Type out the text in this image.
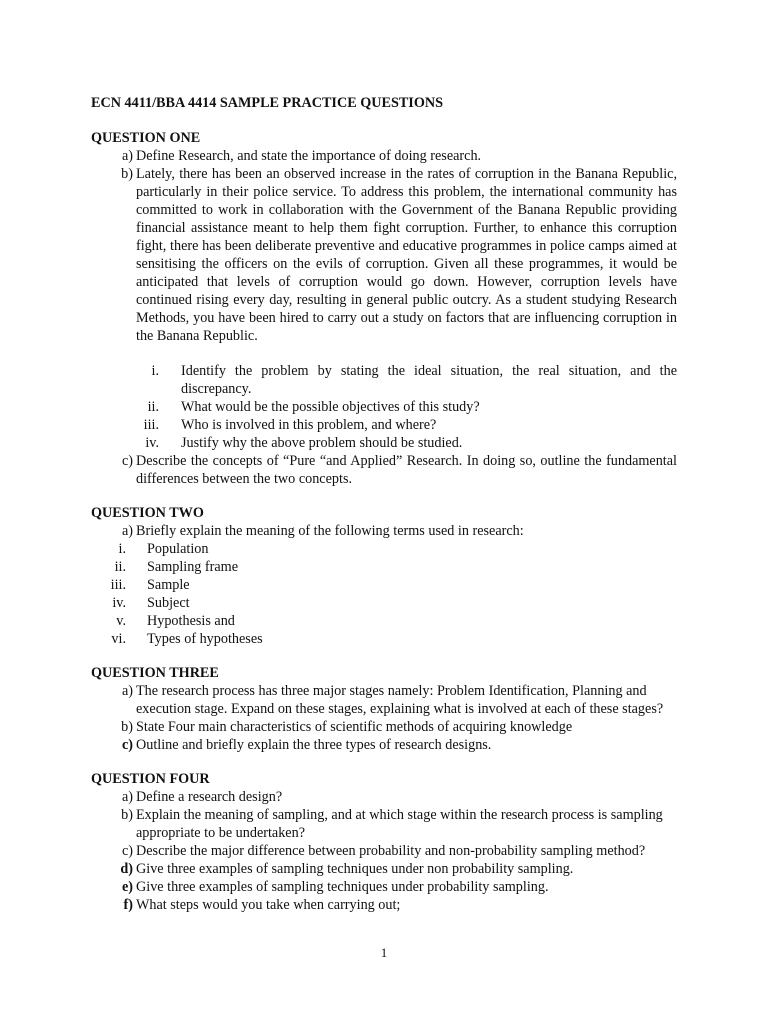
ECN 4411/BBA 4414 SAMPLE PRACTICE QUESTIONS
QUESTION ONE
a) Define Research, and state the importance of doing research.
b) Lately, there has been an observed increase in the rates of corruption in the Banana Republic, particularly in their police service. To address this problem, the international community has committed to work in collaboration with the Government of the Banana Republic providing financial assistance meant to help them fight corruption. Further, to enhance this corruption fight, there has been deliberate preventive and educative programmes in police camps aimed at sensitising the officers on the evils of corruption. Given all these programmes, it would be anticipated that levels of corruption would go down. However, corruption levels have continued rising every day, resulting in general public outcry. As a student studying Research Methods, you have been hired to carry out a study on factors that are influencing corruption in the Banana Republic.
i.	Identify the problem by stating the ideal situation, the real situation, and the discrepancy.
ii.	What would be the possible objectives of this study?
iii.	Who is involved in this problem, and where?
iv.	Justify why the above problem should be studied.
c) Describe the concepts of “Pure “and Applied” Research. In doing so, outline the fundamental differences between the two concepts.
QUESTION TWO
a) Briefly explain the meaning of the following terms used in research:
i.	Population
ii.	Sampling frame
iii.	Sample
iv.	Subject
v.	Hypothesis and
vi.	Types of hypotheses
QUESTION THREE
a) The research process has three major stages namely: Problem Identification, Planning and execution stage. Expand on these stages, explaining what is involved at each of these stages?
b) State Four main characteristics of scientific methods of acquiring knowledge
c) Outline and briefly explain the three types of research designs.
QUESTION FOUR
a) Define a research design?
b) Explain the meaning of sampling, and at which stage within the research process is sampling appropriate to be undertaken?
c) Describe the major difference between probability and non-probability sampling method?
d) Give three examples of sampling techniques under non probability sampling.
e) Give three examples of sampling techniques under probability sampling.
f) What steps would you take when carrying out;
1
